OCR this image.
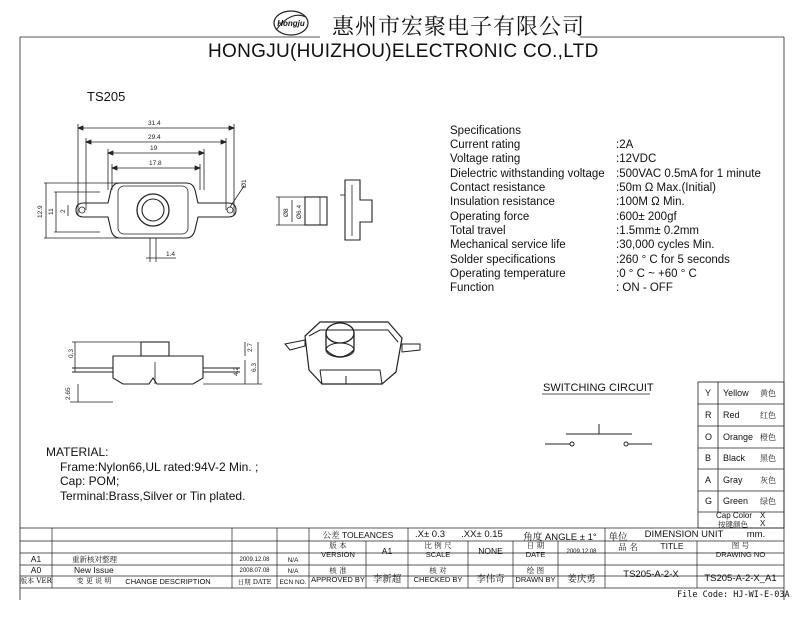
Hongju 惠州市宏聚电子有限公司
HONGJU(HUIZHOU)ELECTRONIC CO.,LTD
TS205
31.4
29.4
19
17.8
Ø1
12.9 11 2
1.4
Ø8 Ø6.4
0.3
2.7
4.2 6.3
2.65
Specifications
Current rating	:2A
Voltage rating	:12VDC
Dielectric withstanding voltage :500VAC 0.5mA for 1 minute
Contact resistance	:50m Ω Max.(Initial)
Insulation resistance	:100M Ω Min.
Operating force	:600± 200gf
Total travel	:1.5mm± 0.2mm
Mechanical service life	:30,000 cycles Min.
Solder specifications	:260 ° C for 5 seconds
Operating temperature	:0 ° C ~ +60 ° C
Function	: ON - OFF
SWITCHING CIRCUIT
MATERIAL:
Frame:Nylon66,UL rated:94V-2 Min. ;
Cap: POM;
Terminal:Brass,Silver or Tin plated.
Y Yellow 黄色
R Red	红色
O Orange 橙色
B Black 黑色
A Gray 灰色
G Green 绿色
Cap Color X
按键颜色 X
公差 TOLEANCES	.X± 0.3	.XX± 0.15	角度 ANGLE ± 1°	单位	DIMENSION UNIT	mm.
版 本
VERSION	A1
比 例 尺
SCALE	NONE
日 期
DATE	2009.12.08	品 名	TITLE	图 号
DRAWING NO
A1	重新核对整理	2009.12.08	N/A
A0	New Issue	2008.07.08	N/A	核 准
APPROVED BY 李新超
核 对
CHECKED BY	李伟奇
绘 图
DRAWN BY	姜庆勇	TS205-A-2-X	TS205-A-2-X_A1
版本 VER	变 更 说 明	CHANGE DESCRIPTION	日期 DATE	ECN NO.
File Code: HJ-WI-E-03A
